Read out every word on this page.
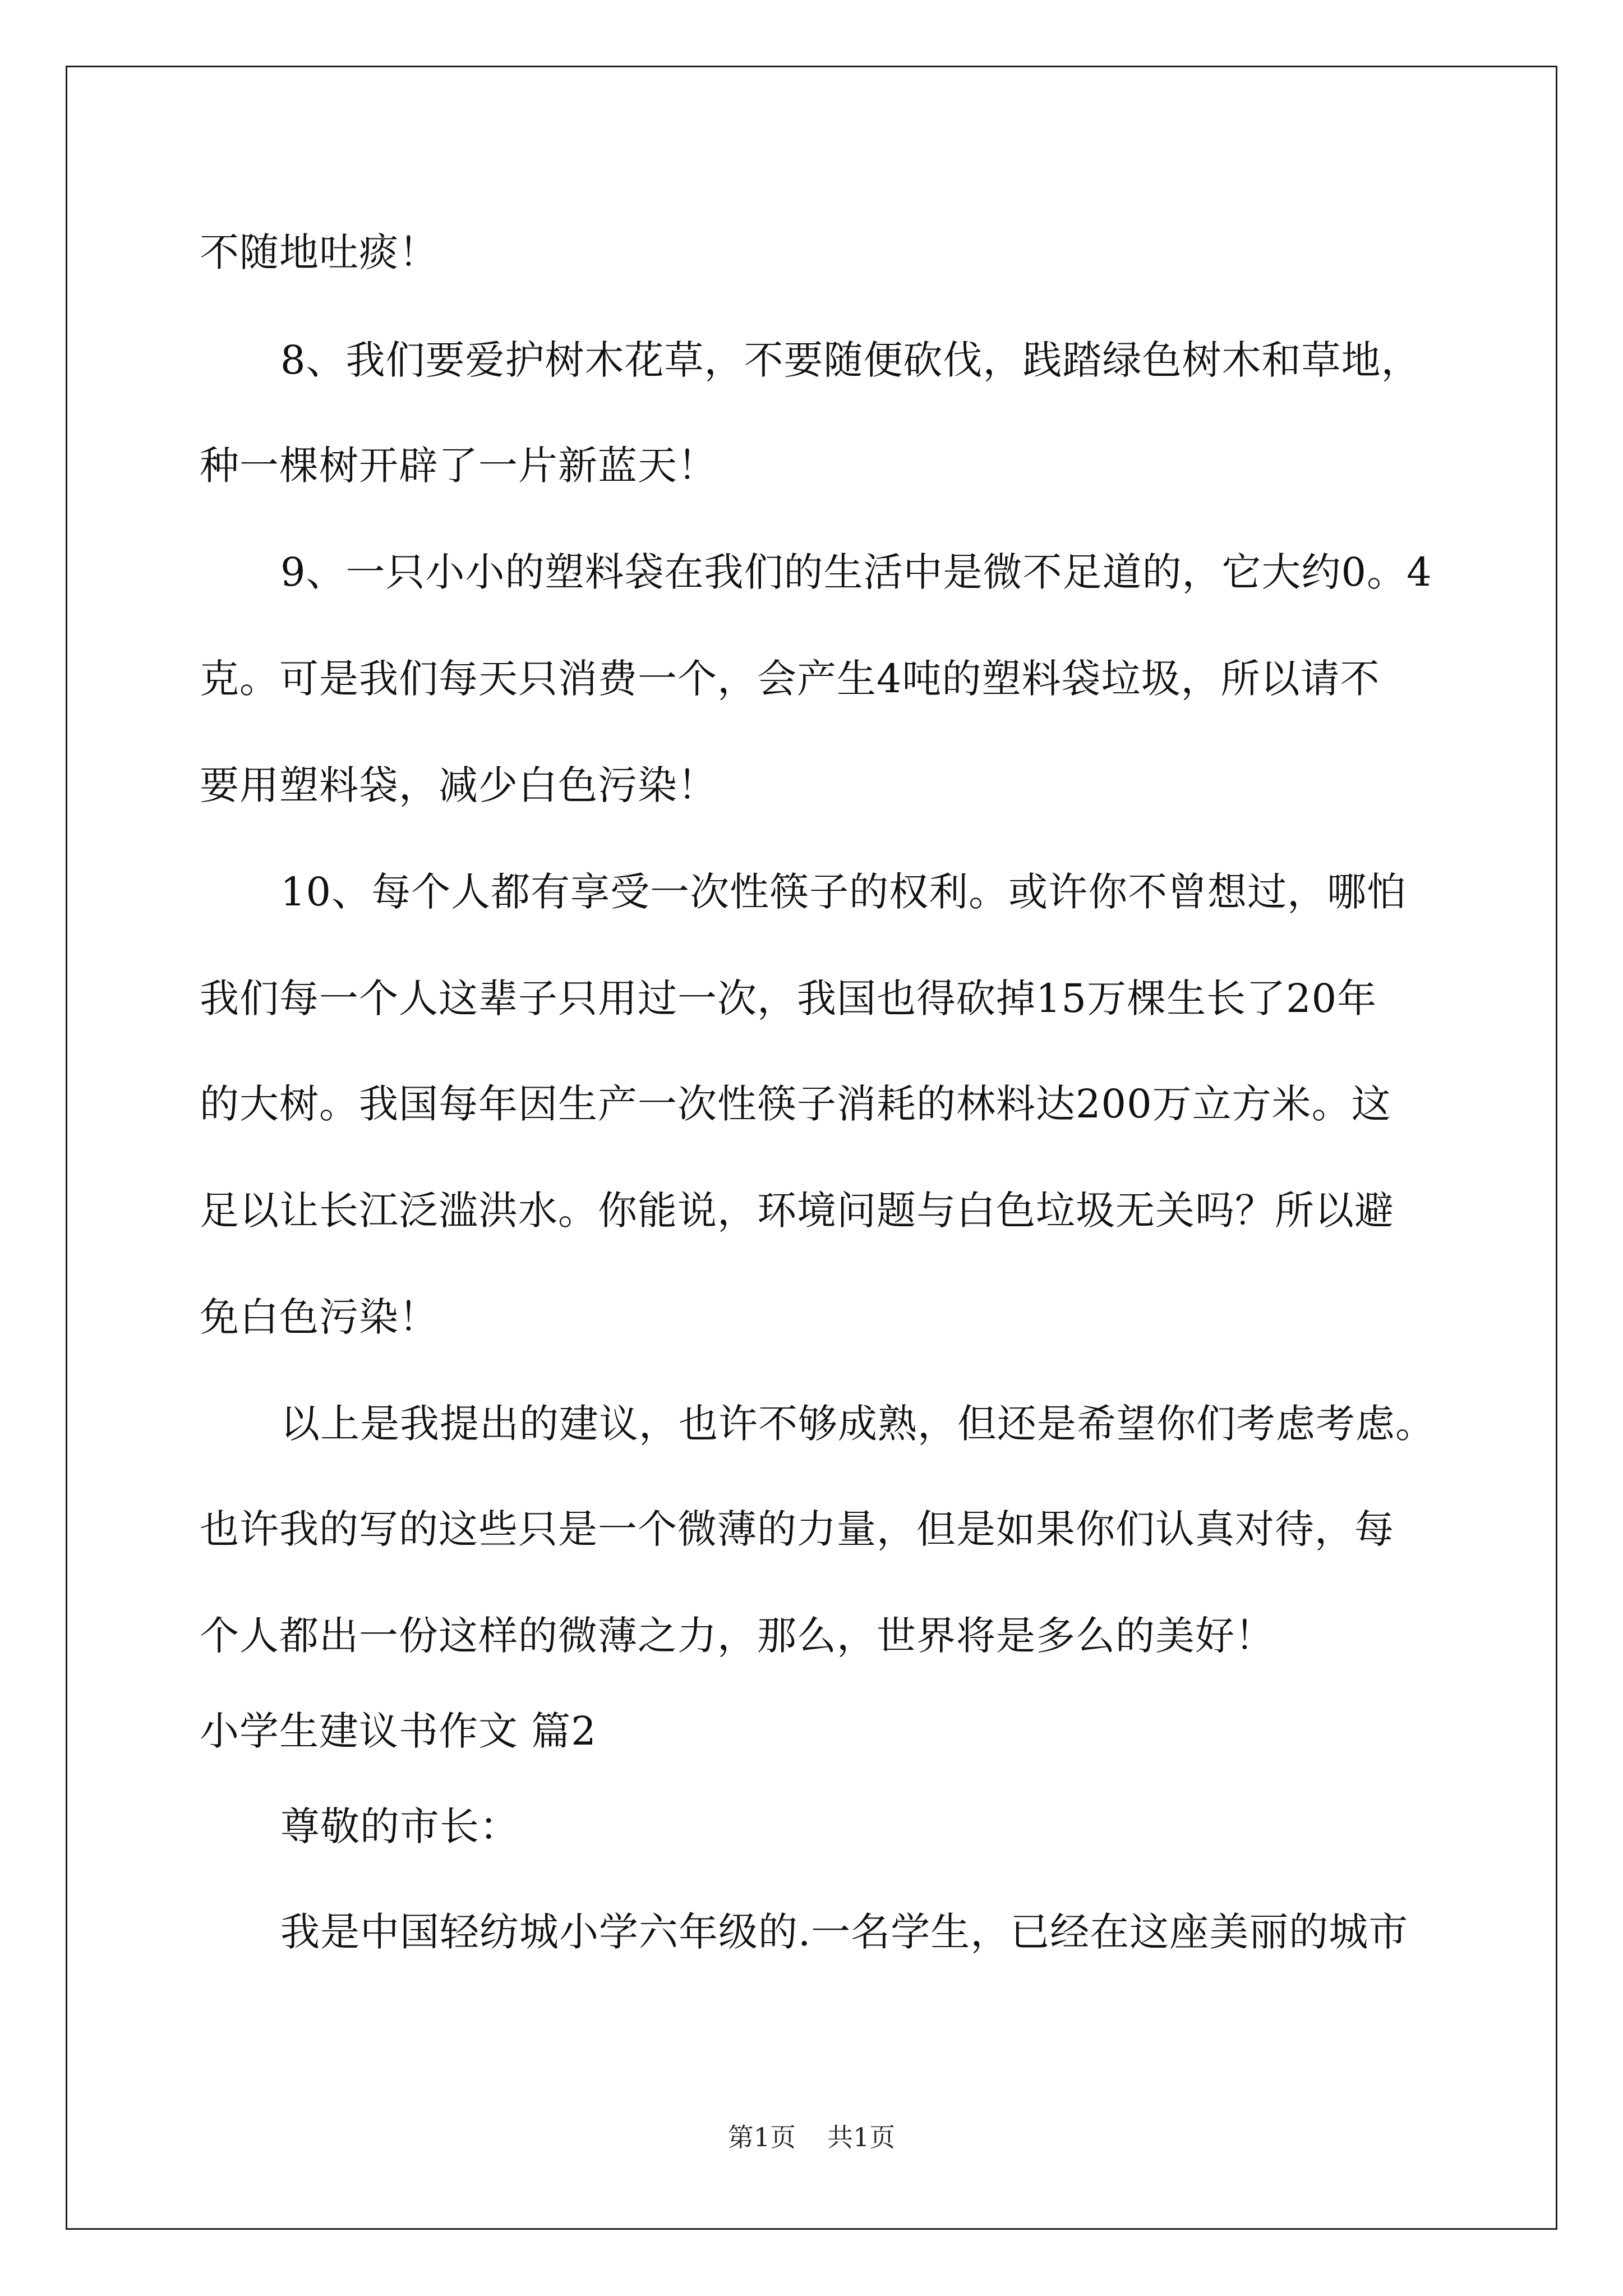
不随地吐痰！
8、我们要爱护树木花草，不要随便砍伐，践踏绿色树木和草地，
种一棵树开辟了一片新蓝天！
9、一只小小的塑料袋在我们的生活中是微不足道的，它大约0。4
克。可是我们每天只消费一个，会产生4吨的塑料袋垃圾，所以请不
要用塑料袋，减少白色污染！
10、每个人都有享受一次性筷子的权利。或许你不曾想过，哪怕
我们每一个人这辈子只用过一次，我国也得砍掉15万棵生长了20年
的大树。我国每年因生产一次性筷子消耗的林料达200万立方米。这
足以让长江泛滥洪水。你能说，环境问题与白色垃圾无关吗？所以避
免白色污染！
以上是我提出的建议，也许不够成熟，但还是希望你们考虑考虑。
也许我的写的这些只是一个微薄的力量，但是如果你们认真对待，每
个人都出一份这样的微薄之力，那么，世界将是多么的美好！
小学生建议书作文 篇2
尊敬的市长：
我是中国轻纺城小学六年级的.一名学生，已经在这座美丽的城市
第1页 共1页
